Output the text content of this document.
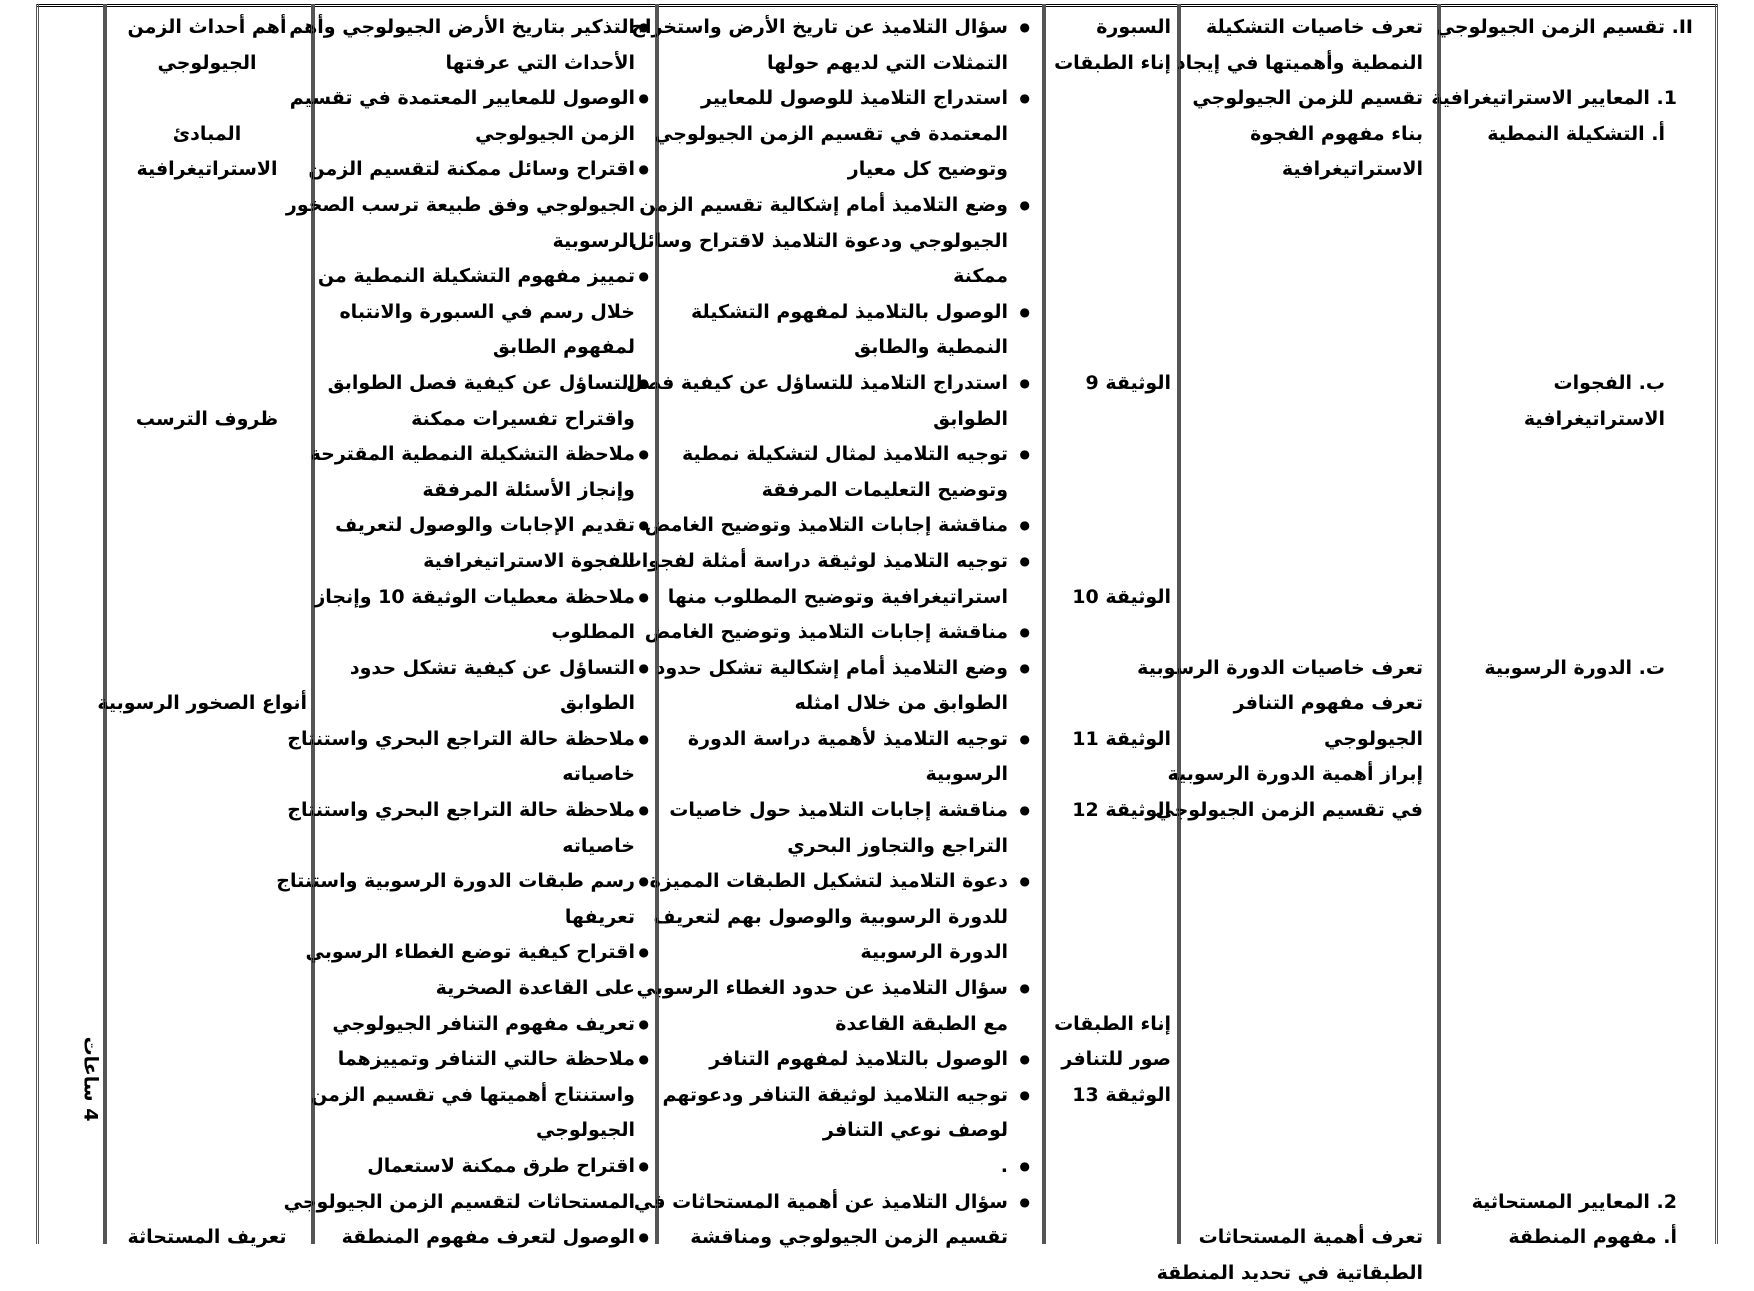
II. تقسيم الزمن الجيولوجي
1. المعايير الاستراتيغرافية
أ. التشكيلة النمطية
ب. الفجوات
الاستراتيغرافية
ت. الدورة الرسوبية
2. المعايير المستحاثية
أ. مفهوم المنطقة
تعرف خاصيات التشكيلة
النمطية وأهميتها في إيجاد
تقسيم للزمن الجيولوجي
بناء مفهوم الفجوة
الاستراتيغرافية
تعرف خاصيات الدورة الرسوبية
تعرف مفهوم التنافر
الجيولوجي
إبراز أهمية الدورة الرسوبية
في تقسيم الزمن الجيولوجي
تعرف أهمية المستحاثات
الطبقاتية في تحديد المنطقة
السبورة
إناء الطبقات
الوثيقة 9
الوثيقة 10
الوثيقة 11
الوثيقة 12
إناء الطبقات
صور للتنافر
الوثيقة 13
● سؤال التلاميذ عن تاريخ الأرض واستخراج
التمثلات التي لديهم حولها
● استدراج التلاميذ للوصول للمعايير
المعتمدة في تقسيم الزمن الجيولوجي
وتوضيح كل معيار
● وضع التلاميذ أمام إشكالية تقسيم الزمن
الجيولوجي ودعوة التلاميذ لاقتراح وسائل
ممكنة
● الوصول بالتلاميذ لمفهوم التشكيلة
النمطية والطابق
● استدراج التلاميذ للتساؤل عن كيفية فصل
الطوابق
● توجيه التلاميذ لمثال لتشكيلة نمطية
وتوضيح التعليمات المرفقة
● مناقشة إجابات التلاميذ وتوضيح الغامض
● توجيه التلاميذ لوثيقة دراسة أمثلة لفجوات
استراتيغرافية وتوضيح المطلوب منها
● مناقشة إجابات التلاميذ وتوضيح الغامض
● وضع التلاميذ أمام إشكالية تشكل حدود
الطوابق من خلال امثله
● توجيه التلاميذ لأهمية دراسة الدورة
الرسوبية
● مناقشة إجابات التلاميذ حول خاصيات
التراجع والتجاوز البحري
● دعوة التلاميذ لتشكيل الطبقات المميزة
للدورة الرسوبية والوصول بهم لتعريف
الدورة الرسوبية
● سؤال التلاميذ عن حدود الغطاء الرسوبي
مع الطبقة القاعدة
● الوصول بالتلاميذ لمفهوم التنافر
● توجيه التلاميذ لوثيقة التنافر ودعوتهم
لوصف نوعي التنافر
● .
● سؤال التلاميذ عن أهمية المستحاثات في
تقسيم الزمن الجيولوجي ومناقشة
● التذكير بتاريخ الأرض الجيولوجي وأهم
الأحداث التي عرفتها
● الوصول للمعايير المعتمدة في تقسيم
الزمن الجيولوجي
● اقتراح وسائل ممكنة لتقسيم الزمن
الجيولوجي وفق طبيعة ترسب الصخور
الرسوبية
● تمييز مفهوم التشكيلة النمطية من
خلال رسم في السبورة والانتباه
لمفهوم الطابق
● التساؤل عن كيفية فصل الطوابق
واقتراح تفسيرات ممكنة
● ملاحظة التشكيلة النمطية المقترحة
وإنجاز الأسئلة المرفقة
● تقديم الإجابات والوصول لتعريف
الفجوة الاستراتيغرافية
● ملاحظة معطيات الوثيقة 10 وإنجاز
المطلوب
● التساؤل عن كيفية تشكل حدود
الطوابق
● ملاحظة حالة التراجع البحري واستنتاج
خاصياته
● ملاحظة حالة التراجع البحري واستنتاج
خاصياته
● رسم طبقات الدورة الرسوبية واستنتاج
تعريفها
● اقتراح كيفية توضع الغطاء الرسوبي
على القاعدة الصخرية
● تعريف مفهوم التنافر الجيولوجي
● ملاحظة حالتي التنافر وتمييزهما
واستنتاج أهميتها في تقسيم الزمن
الجيولوجي
● اقتراح طرق ممكنة لاستعمال
المستحاثات لتقسيم الزمن الجيولوجي
● الوصول لتعرف مفهوم المنطقة
أهم أحداث الزمن
الجيولوجي
المبادئ
الاستراتيغرافية
ظروف الترسب
أنواع الصخور الرسوبية
تعريف المستحاثة
4 ساعات
